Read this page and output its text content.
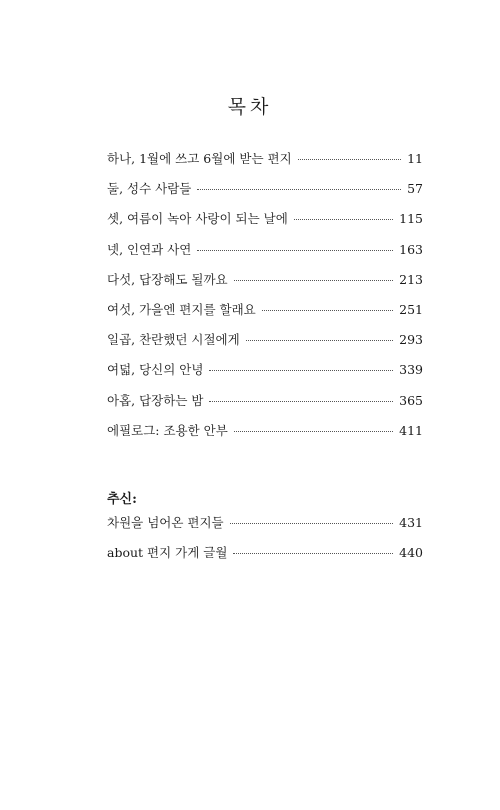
목차
하나, 1월에 쓰고 6월에 받는 편지	11
둘, 성수 사람들	57
셋, 여름이 녹아 사랑이 되는 날에	115
넷, 인연과 사연	163
다섯, 답장해도 될까요	213
여섯, 가을엔 편지를 할래요	251
일곱, 찬란했던 시절에게	293
여덟, 당신의 안녕	339
아홉, 답장하는 밤	365
에필로그: 조용한 안부	411
추신:
차원을 넘어온 편지들	431
about 편지 가게 글월	440
